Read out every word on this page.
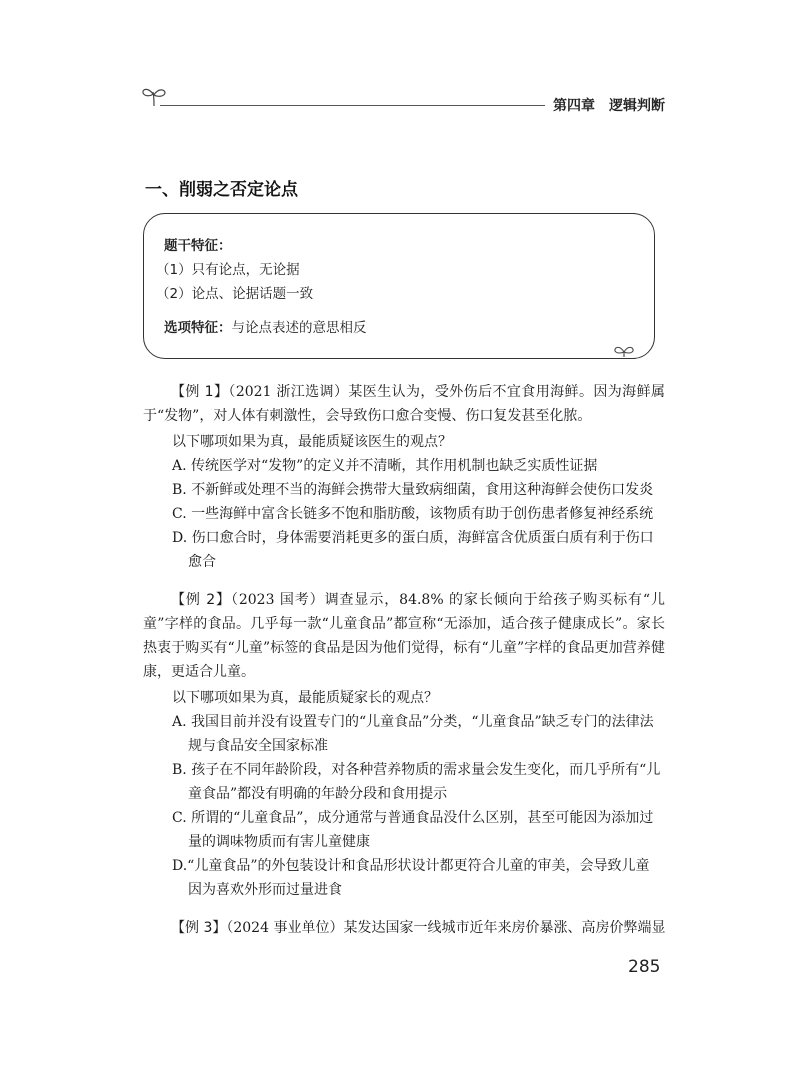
第四章 逻辑判断
一、削弱之否定论点
题干特征：
（1）只有论点，无论据
（2）论点、论据话题一致
选项特征：与论点表述的意思相反
【例 1】（2021 浙江选调）某医生认为，受外伤后不宜食用海鲜。因为海鲜属于“发物”，对人体有刺激性，会导致伤口愈合变慢、伤口复发甚至化脓。
以下哪项如果为真，最能质疑该医生的观点？
A. 传统医学对“发物”的定义并不清晰，其作用机制也缺乏实质性证据
B. 不新鲜或处理不当的海鲜会携带大量致病细菌，食用这种海鲜会使伤口发炎
C. 一些海鲜中富含长链多不饱和脂肪酸，该物质有助于创伤患者修复神经系统
D. 伤口愈合时，身体需要消耗更多的蛋白质，海鲜富含优质蛋白质有利于伤口愈合
【例 2】（2023 国考）调查显示，84.8% 的家长倾向于给孩子购买标有“儿童”字样的食品。几乎每一款“儿童食品”都宣称“无添加，适合孩子健康成长”。家长热衷于购买有“儿童”标签的食品是因为他们觉得，标有“儿童”字样的食品更加营养健康，更适合儿童。
以下哪项如果为真，最能质疑家长的观点？
A. 我国目前并没有设置专门的“儿童食品”分类，“儿童食品”缺乏专门的法律法规与食品安全国家标准
B. 孩子在不同年龄阶段，对各种营养物质的需求量会发生变化，而几乎所有“儿童食品”都没有明确的年龄分段和食用提示
C. 所谓的“儿童食品”，成分通常与普通食品没什么区别，甚至可能因为添加过量的调味物质而有害儿童健康
D.“儿童食品”的外包装设计和食品形状设计都更符合儿童的审美，会导致儿童因为喜欢外形而过量进食
【例 3】（2024 事业单位）某发达国家一线城市近年来房价暴涨、高房价弊端显
285
